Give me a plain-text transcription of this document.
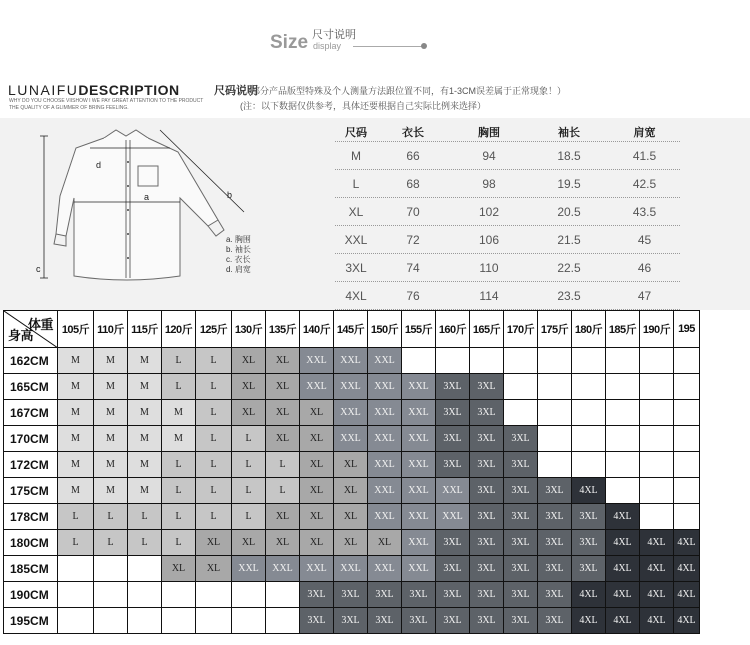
Size 尺寸说明
display
LUNAIFUDESCRIPTION
WHY DO YOU CHOOSE VIISHOW I WE PAY GREAT ATTENTION TO THE PRODUCT
THE QUALITY OF A GLIMMER OF BRING FEELING.
尺码说明
(部分产品版型特殊及个人测量方法跟位置不同，有1-3CM误差属于正常现象！）
(注：以下数据仅供参考，具体还要根据自己实际比例来选择）
a	b
c
d
a. 胸围
b. 袖长
c. 衣长
d. 肩宽
尺码	衣长	胸围	袖长	肩宽
M	66	94	18.5	41.5
L	68	98	19.5	42.5
XL	70	102	20.5	43.5
XXL	72	106	21.5	45
3XL	74	110	22.5	46
4XL	76	114	23.5	47
体重
身高	105斤	110斤	115斤	120斤	125斤	130斤	135斤	140斤	145斤	150斤	155斤	160斤	165斤	170斤	175斤	180斤	185斤	190斤	195
162CM	M	M	M	L	L	XL	XL	XXL	XXL	XXL									
165CM	M	M	M	L	L	XL	XL	XXL	XXL	XXL	XXL	3XL	3XL						
167CM	M	M	M	M	L	XL	XL	XL	XXL	XXL	XXL	3XL	3XL						
170CM	M	M	M	M	L	L	XL	XL	XXL	XXL	XXL	3XL	3XL	3XL					
172CM	M	M	M	L	L	L	L	XL	XL	XXL	XXL	3XL	3XL	3XL					
175CM	M	M	M	L	L	L	L	XL	XL	XXL	XXL	XXL	3XL	3XL	3XL	4XL			
178CM	L	L	L	L	L	L	XL	XL	XL	XXL	XXL	XXL	3XL	3XL	3XL	3XL	4XL		
180CM	L	L	L	L	XL	XL	XL	XL	XL	XL	XXL	3XL	3XL	3XL	3XL	3XL	4XL	4XL	4XL
185CM				XL	XL	XXL	XXL	XXL	XXL	XXL	XXL	3XL	3XL	3XL	3XL	3XL	4XL	4XL	4XL
190CM								3XL	3XL	3XL	3XL	3XL	3XL	3XL	3XL	4XL	4XL	4XL	4XL
195CM								3XL	3XL	3XL	3XL	3XL	3XL	3XL	3XL	4XL	4XL	4XL	4XL
